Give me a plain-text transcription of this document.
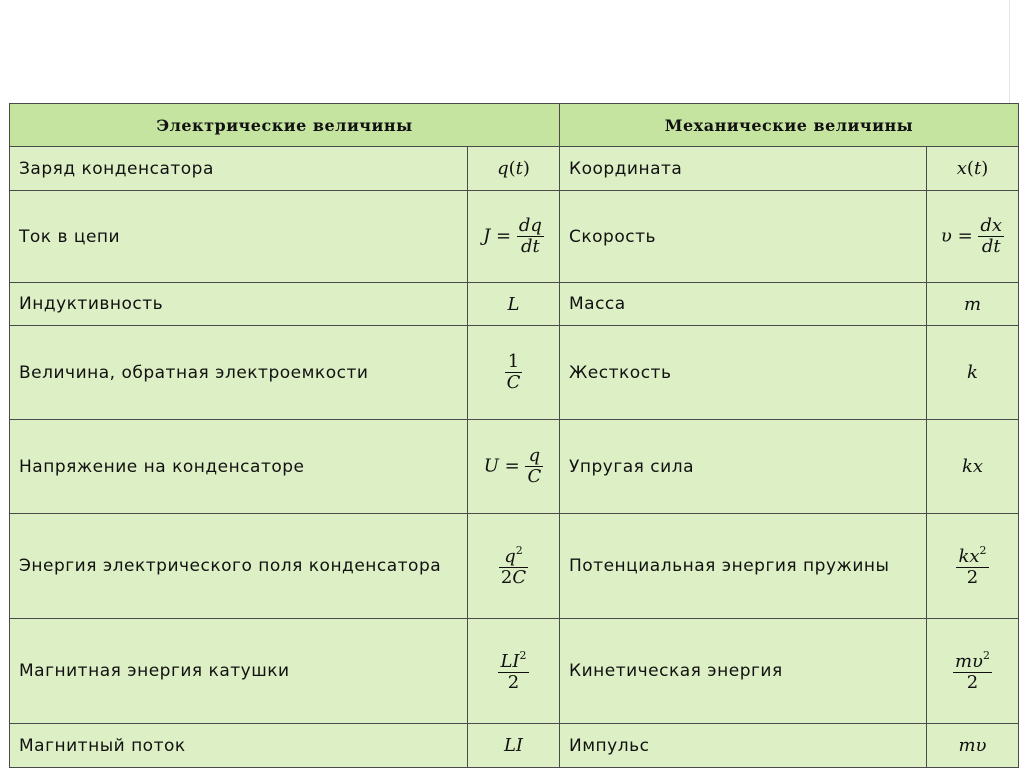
Электрические величины		Механические величины	
Заряд конденсатора	q(t)	Координата	x(t)
Ток в цепи	$J = \frac{dq}{dt}$	Скорость	$\upsilon = \frac{dx}{dt}$

Индуктивность	L	Масса	m
Величина, обратная электроемкости	$\frac{1}{C}$	Жесткость	k
Напряжение на конденсаторе	$U = \frac{q}{C}$	Упругая сила	kx
Энергия электрического поля конденсатора	$\frac{q^2}{2C}$	Потенциальная энергия пружины	$\frac{kx^2}{2}$

Магнитная энергия катушки	$\frac{LI^2}{2}$	Кинетическая энергия	$\frac{m\upsilon^2}{2}$

Магнитный поток	LI	Импульс	mυ
